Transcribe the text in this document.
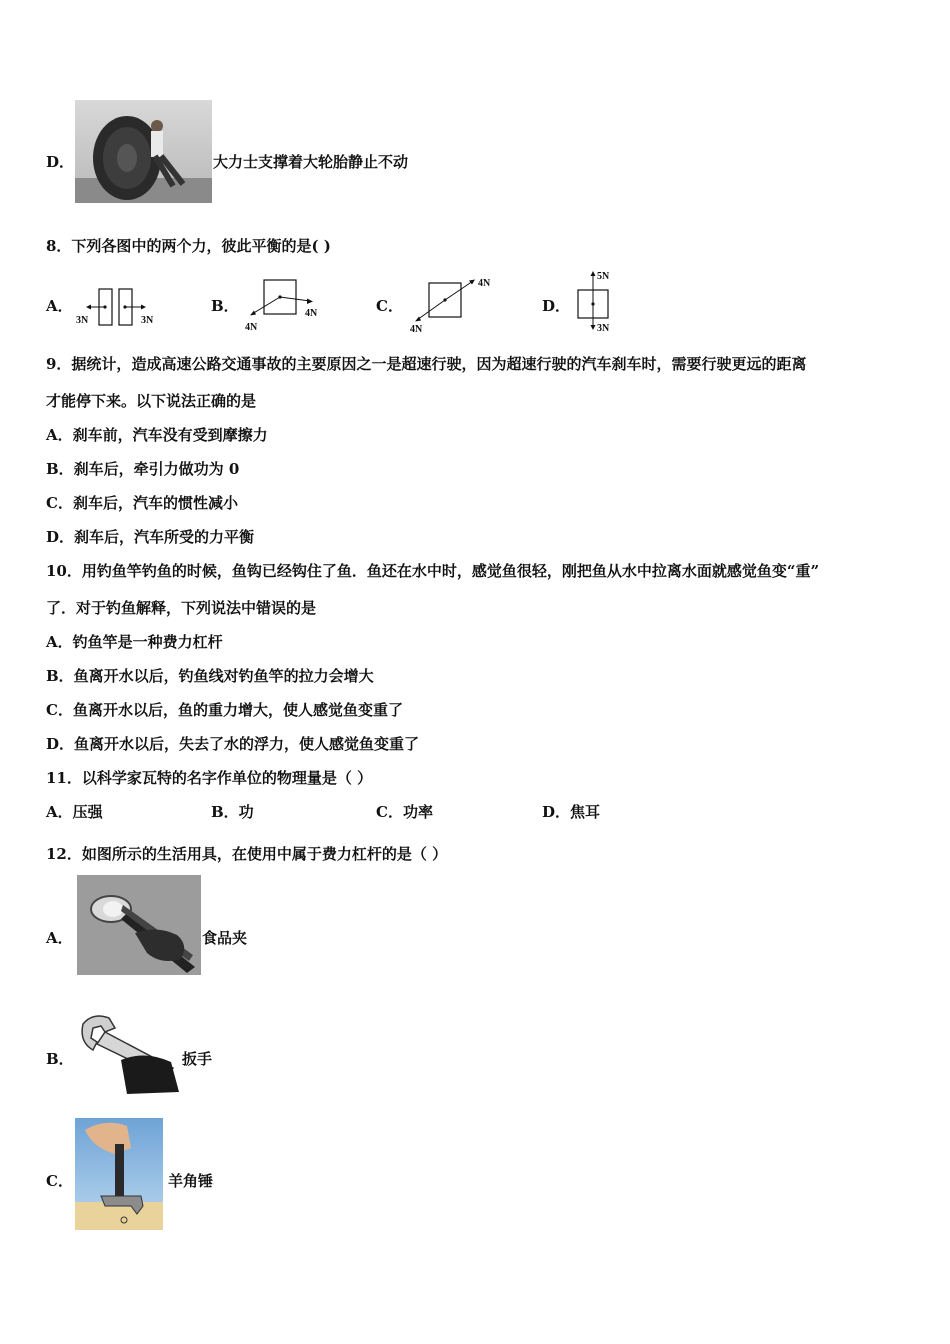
D．	大力士支撑着大轮胎静止不动
8．下列各图中的两个力，彼此平衡的是( )
A．
3N	3N
B．
4N
4N	C．
4N
4N
D．
5N
3N
9．据统计，造成高速公路交通事故的主要原因之一是超速行驶，因为超速行驶的汽车刹车时，需要行驶更远的距离
才能停下来。以下说法正确的是
A．刹车前，汽车没有受到摩擦力
B．刹车后，牵引力做功为 0
C．刹车后，汽车的惯性减小
D．刹车后，汽车所受的力平衡
10．用钓鱼竿钓鱼的时候，鱼钩已经钩住了鱼．鱼还在水中时，感觉鱼很轻，刚把鱼从水中拉离水面就感觉鱼变“重”
了．对于钓鱼解释，下列说法中错误的是
A．钓鱼竿是一种费力杠杆
B．鱼离开水以后，钓鱼线对钓鱼竿的拉力会增大
C．鱼离开水以后，鱼的重力增大，使人感觉鱼变重了
D．鱼离开水以后，失去了水的浮力，使人感觉鱼变重了
11．以科学家瓦特的名字作单位的物理量是（ ）
A．压强	B．功	C．功率	D．焦耳
12．如图所示的生活用具，在使用中属于费力杠杆的是（ ）
A．	食品夹
B．	扳手
C．	羊角锤
